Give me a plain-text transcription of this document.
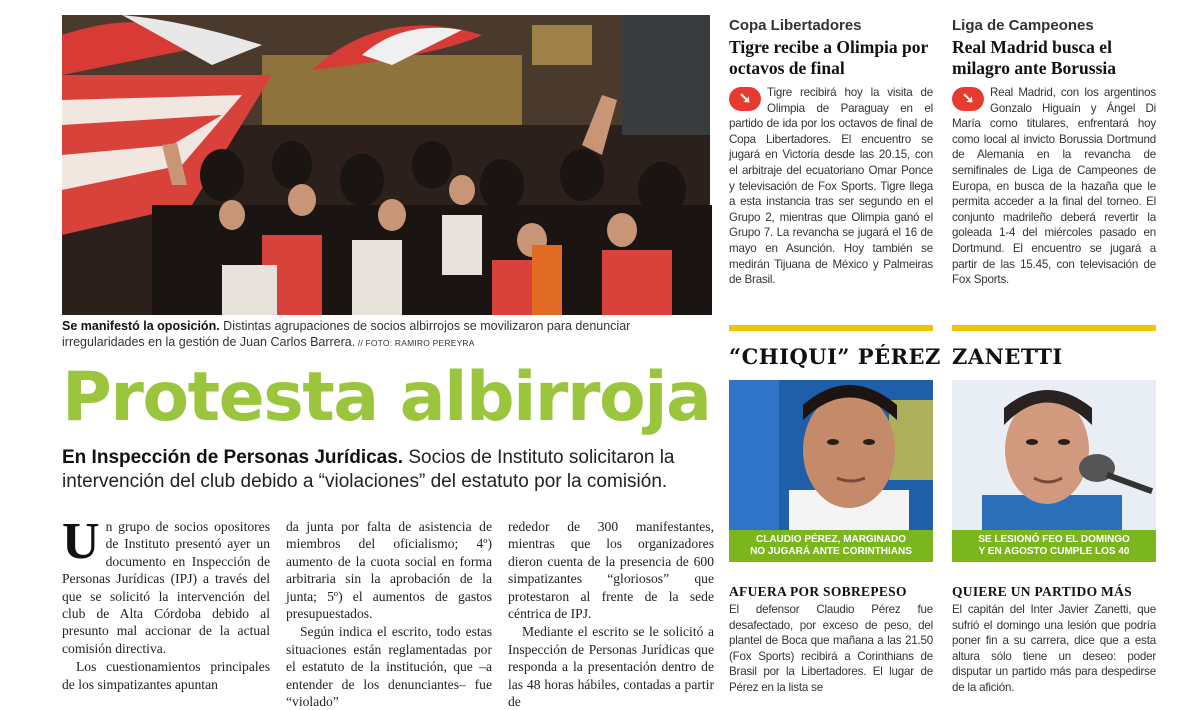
Se manifestó la oposición. Distintas agrupaciones de socios albirrojos se movilizaron para denunciar irregularidades en la gestión de Juan Carlos Barrera. // FOTO: RAMIRO PEREYRA
Protesta albirroja
En Inspección de Personas Jurídicas. Socios de Instituto solicitaron la intervención del club debido a “violaciones” del estatuto por la comisión.

Un grupo de socios opositores de Instituto presentó ayer un documento en Inspección de Personas Jurídicas (IPJ) a través del que se solicitó la intervención del club de Alta Córdoba debido al presunto mal accionar de la actual comisión directiva.

Los cuestionamientos principales de los simpatizantes apuntan

da junta por falta de asistencia de miembros del oficialismo; 4º) aumento de la cuota social en forma arbitraria sin la aprobación de la junta; 5º) el aumentos de gastos presupuestados.

Según indica el escrito, todo estas situaciones están reglamentadas por el estatuto de la institución, que –a entender de los denunciantes– fue “violado”

rededor de 300 manifestantes, mientras que los organizadores dieron cuenta de la presencia de 600 simpatizantes “gloriosos” que protestaron al frente de la sede céntrica de IPJ.

Mediante el escrito se le solicitó a Inspección de Personas Jurídicas que responda a la presentación dentro de las 48 horas hábiles, contadas a partir de

Copa Libertadores
Tigre recibe a Olimpia por octavos de final
➘	Tigre recibirá hoy la visita de Olimpia de Paraguay en el partido de ida por los octavos de final de Copa Libertadores. El encuentro se jugará en Victoria desde las 20.15, con el arbitraje del ecuatoriano Omar Ponce y televisación de Fox Sports. Tigre llega a esta instancia tras ser segundo en el Grupo 2, mientras que Olimpia ganó el Grupo 7. La revancha se jugará el 16 de mayo en Asunción. Hoy también se medirán Tijuana de México y Palmeiras de Brasil.
“CHIQUI” PÉREZ
CLAUDIO PÉREZ, MARGINADO
NO JUGARÁ ANTE CORINTHIANS
AFUERA POR SOBREPESO
El defensor Claudio Pérez fue desafectado, por exceso de peso, del plantel de Boca que mañana a las 21.50 (Fox Sports) recibirá a Corinthians de Brasil por la Libertadores. El lugar de Pérez en la lista se
Liga de Campeones
Real Madrid busca el milagro ante Borussia
➘	Real Madrid, con los argentinos Gonzalo Higuaín y Ángel Di María como titulares, enfrentará hoy como local al invicto Borussia Dortmund de Alemania en la revancha de semifinales de Liga de Campeones de Europa, en busca de la hazaña que le permita acceder a la final del torneo. El conjunto madrileño deberá revertir la goleada 1-4 del miércoles pasado en Dortmund. El encuentro se jugará a partir de las 15.45, con televisación de Fox Sports.
ZANETTI
SE LESIONÓ FEO EL DOMINGO
Y EN AGOSTO CUMPLE LOS 40
QUIERE UN PARTIDO MÁS
El capitán del Inter Javier Zanetti, que sufrió el domingo una lesión que podría poner fin a su carrera, dice que a esta altura sólo tiene un deseo: poder disputar un partido más para despedirse de la afición.
